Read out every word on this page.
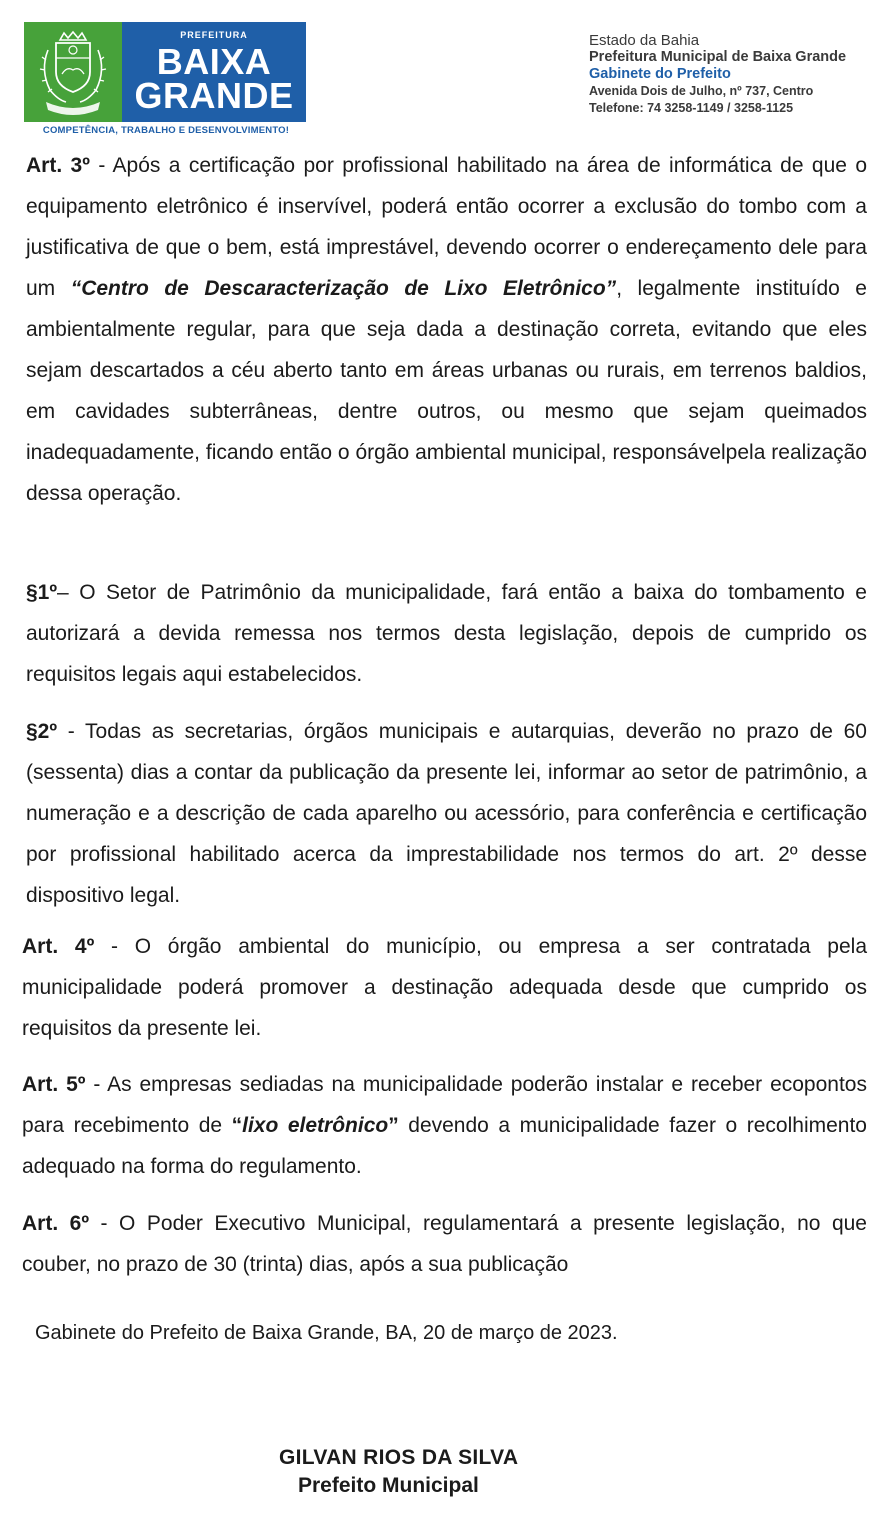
PREFEITURA
BAIXA
GRANDE
COMPETÊNCIA, TRABALHO E DESENVOLVIMENTO!
Estado da Bahia
Prefeitura Municipal de Baixa Grande
Gabinete do Prefeito
Avenida Dois de Julho, nº 737, Centro
Telefone: 74 3258-1149 / 3258-1125

Art. 3º - Após a certificação por profissional habilitado na área de informática de que o equipamento eletrônico é inservível, poderá então ocorrer a exclusão do tombo com a justificativa de que o bem, está imprestável, devendo ocorrer o endereçamento dele para um “Centro de Descaracterização de Lixo Eletrônico”, legalmente instituído e ambientalmente regular, para que seja dada a destinação correta, evitando que eles sejam descartados a céu aberto tanto em áreas urbanas ou rurais, em terrenos baldios, em cavidades subterrâneas, dentre outros, ou mesmo que sejam queimados inadequadamente, ficando então o órgão ambiental municipal, responsávelpela realização dessa operação.

§1º– O Setor de Patrimônio da municipalidade, fará então a baixa do tombamento e autorizará a devida remessa nos termos desta legislação, depois de cumprido os requisitos legais aqui estabelecidos.

§2º - Todas as secretarias, órgãos municipais e autarquias, deverão no prazo de 60 (sessenta) dias a contar da publicação da presente lei, informar ao setor de patrimônio, a numeração e a descrição de cada aparelho ou acessório, para conferência e certificação por profissional habilitado acerca da imprestabilidade nos termos do art. 2º desse dispositivo legal.

Art. 4º - O órgão ambiental do município, ou empresa a ser contratada pela municipalidade poderá promover a destinação adequada desde que cumprido os requisitos da presente lei.

Art. 5º - As empresas sediadas na municipalidade poderão instalar e receber ecopontos para recebimento de “lixo eletrônico” devendo a municipalidade fazer o recolhimento adequado na forma do regulamento.

Art. 6º - O Poder Executivo Municipal, regulamentará a presente legislação, no que couber, no prazo de 30 (trinta) dias, após a sua publicação

Gabinete do Prefeito de Baixa Grande, BA, 20 de março de 2023.
GILVAN RIOS DA SILVA
Prefeito Municipal
